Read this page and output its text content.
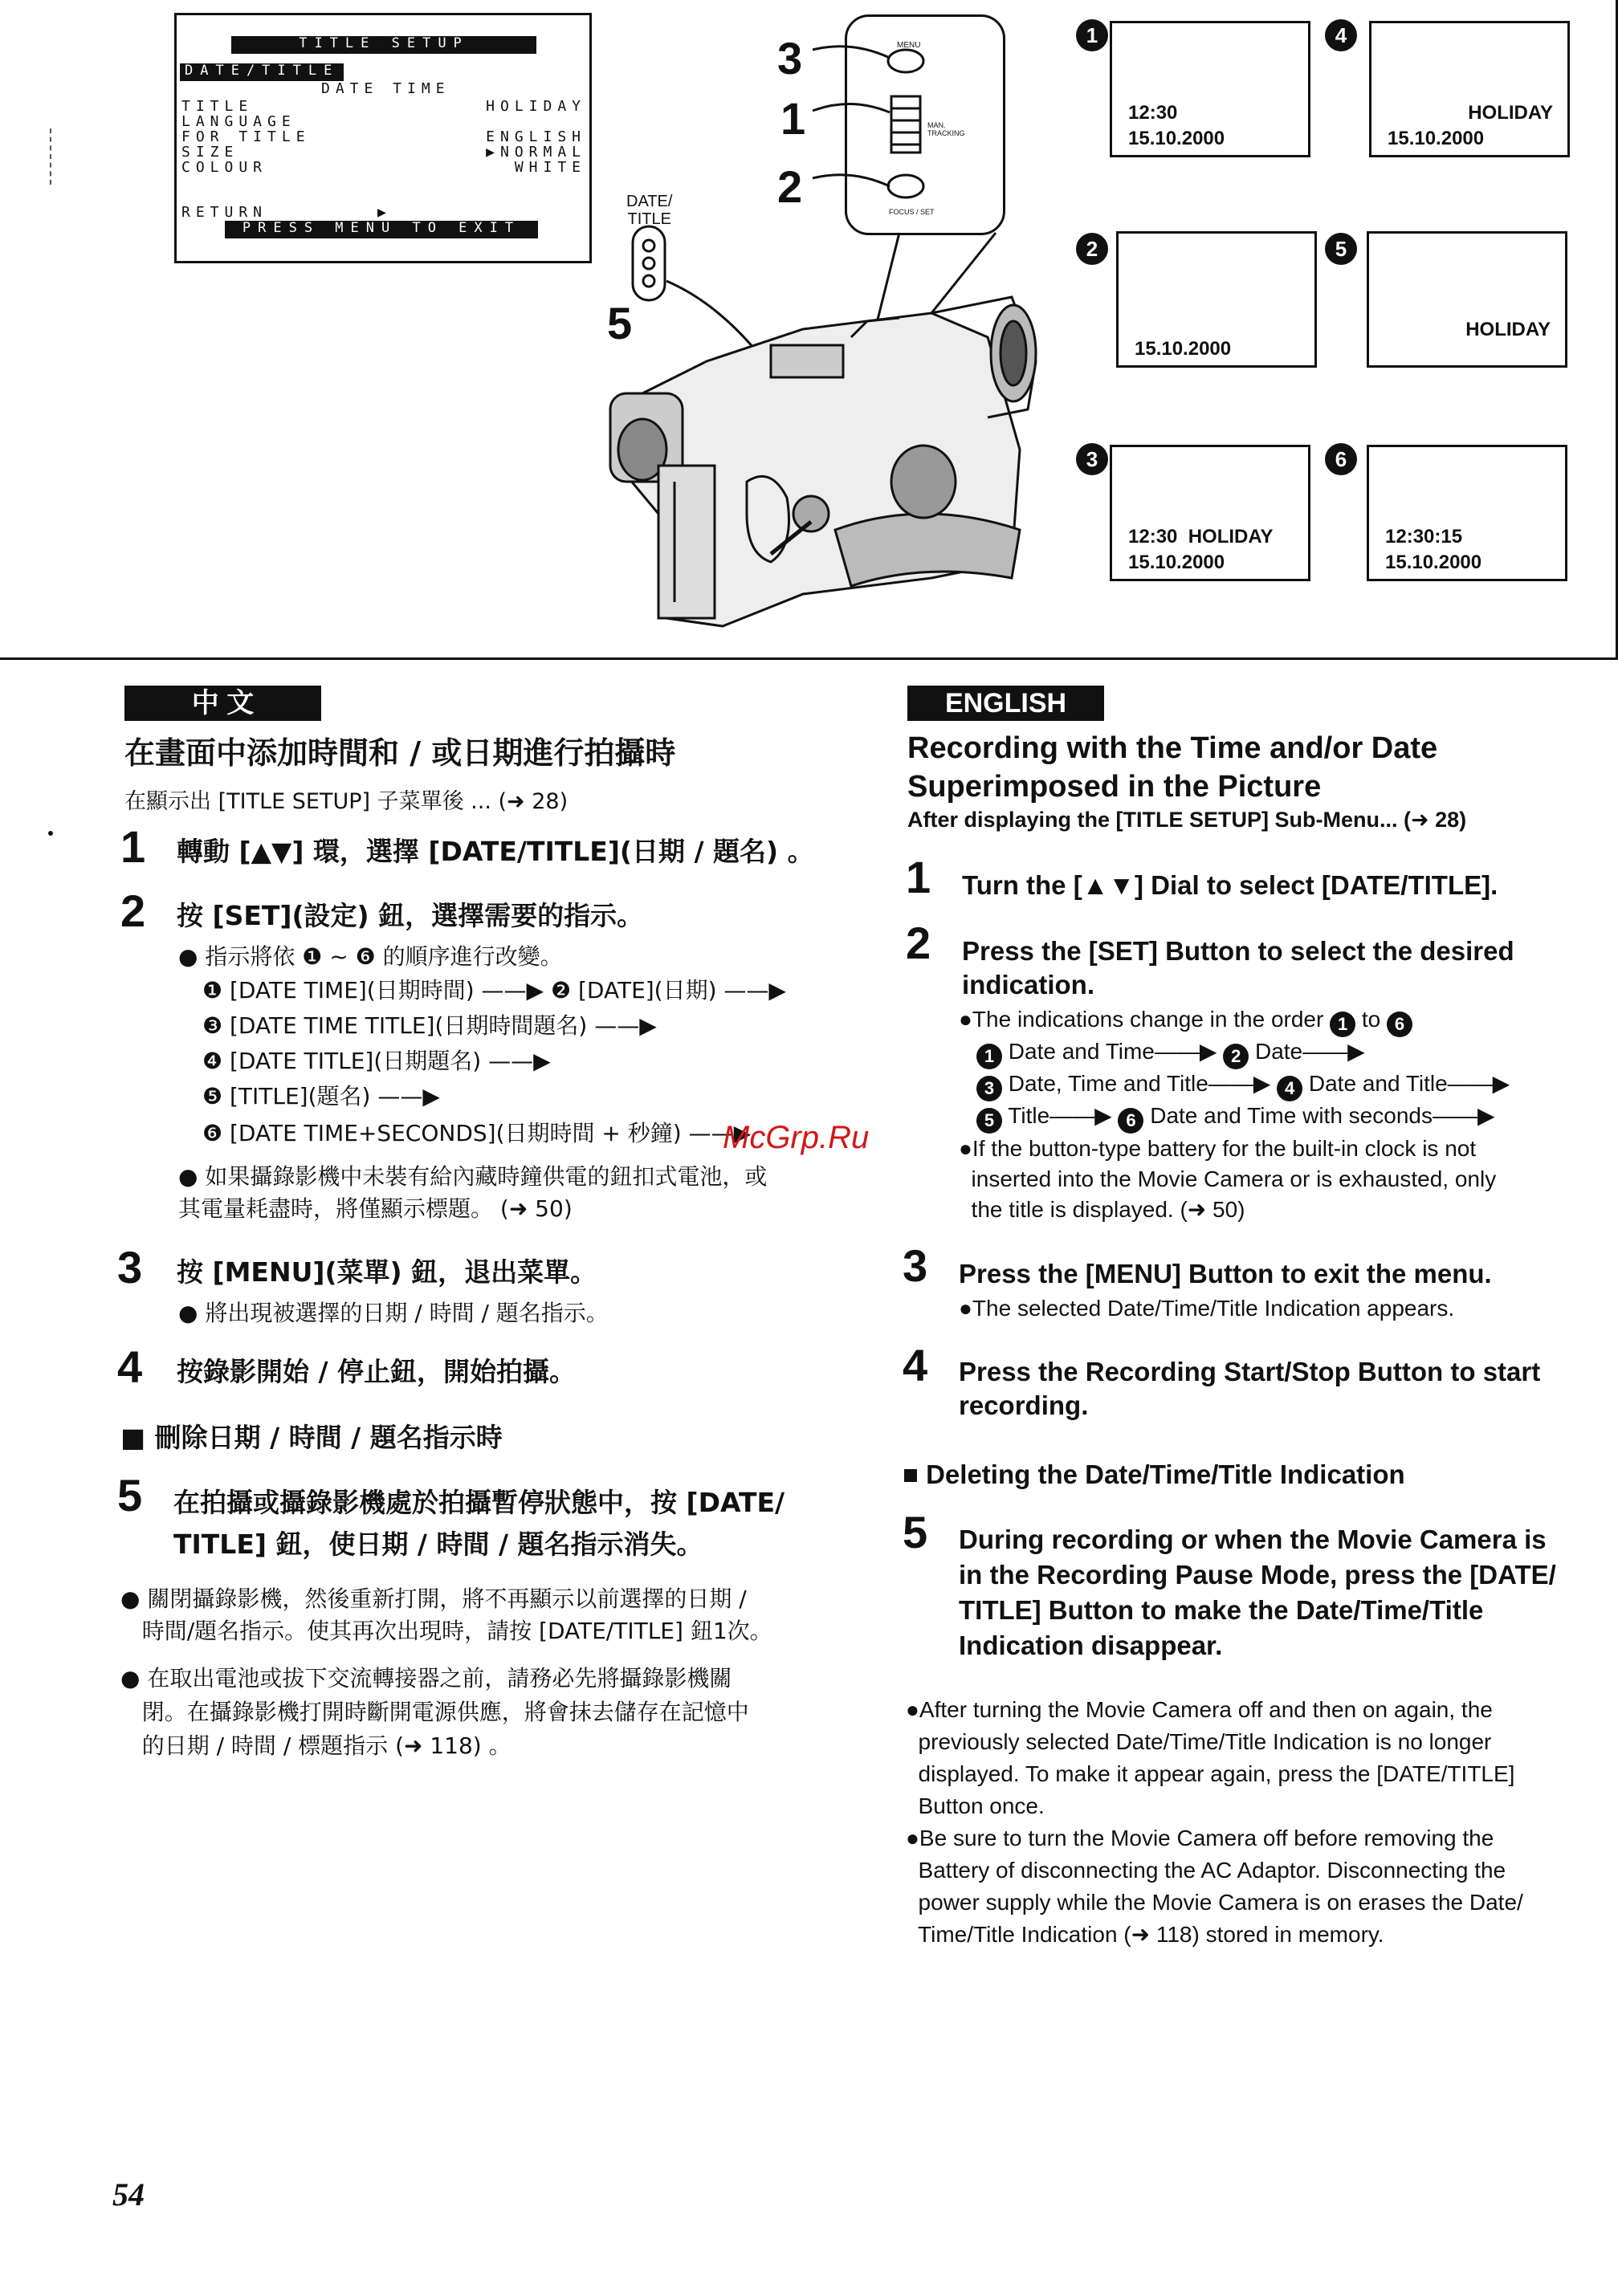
TITLE SETUP
DATE/TITLE
DATE TIME
TITLE
LANGUAGE
FOR TITLE
SIZE
COLOUR
HOLIDAY

ENGLISH
▶NORMAL
WHITE
RETURN	▶
PRESS MENU TO EXIT
3
1
2
5
DATE/
TITLE
MENU
MAN. TRACKING
FOCUS / SET
1
12:30
15.10.2000
4
HOLIDAY
15.10.2000
2
15.10.2000
5
HOLIDAY
3
12:30  HOLIDAY
15.10.2000
6
12:30:15
15.10.2000
中 文
在畫面中添加時間和 / 或日期進行拍攝時
在顯示出 [TITLE SETUP] 子菜單後 ... (➜ 28)
1 轉動 [▲▼] 環，選擇 [DATE/TITLE](日期 / 題名) 。
2 按 [SET](設定) 鈕，選擇需要的指示。
● 指示將依 ❶ ~ ❻ 的順序進行改變。
❶ [DATE TIME](日期時間) ——▶ ❷ [DATE](日期) ——▶
❸ [DATE TIME TITLE](日期時間題名) ——▶
❹ [DATE TITLE](日期題名) ——▶
❺ [TITLE](題名) ——▶
❻ [DATE TIME+SECONDS](日期時間 + 秒鐘) ——▶
● 如果攝錄影機中未裝有給內藏時鐘供電的鈕扣式電池，或
其電量耗盡時，將僅顯示標題。 (➜ 50)
3 按 [MENU](菜單) 鈕，退出菜單。
● 將出現被選擇的日期 / 時間 / 題名指示。
4 按錄影開始 / 停止鈕，開始拍攝。
■ 刪除日期 / 時間 / 題名指示時
5 在拍攝或攝錄影機處於拍攝暫停狀態中，按 [DATE/
TITLE] 鈕，使日期 / 時間 / 題名指示消失。
● 關閉攝錄影機，然後重新打開，將不再顯示以前選擇的日期 /
時間/題名指示。使其再次出現時，請按 [DATE/TITLE] 鈕1次。
● 在取出電池或拔下交流轉接器之前，請務必先將攝錄影機關
閉。在攝錄影機打開時斷開電源供應，將會抹去儲存在記憶中
的日期 / 時間 / 標題指示 (➜ 118) 。
ENGLISH
Recording with the Time and/or Date
Superimposed in the Picture
After displaying the [TITLE SETUP] Sub-Menu... (➜ 28)
1 Turn the [▲▼] Dial to select [DATE/TITLE].
2 Press the [SET] Button to select the desired
indication.
●The indications change in the order 1 to 6
1 Date and Time——▶ 2 Date——▶
3 Date, Time and Title——▶ 4 Date and Title——▶
5 Title——▶ 6 Date and Time with seconds——▶
●If the button-type battery for the built-in clock is not
inserted into the Movie Camera or is exhausted, only
the title is displayed. (➜ 50)
3 Press the [MENU] Button to exit the menu.
●The selected Date/Time/Title Indication appears.
4 Press the Recording Start/Stop Button to start
recording.
■ Deleting the Date/Time/Title Indication
5 During recording or when the Movie Camera is
in the Recording Pause Mode, press the [DATE/
TITLE] Button to make the Date/Time/Title
Indication disappear.
●After turning the Movie Camera off and then on again, the
previously selected Date/Time/Title Indication is no longer
displayed. To make it appear again, press the [DATE/TITLE]
Button once.
●Be sure to turn the Movie Camera off before removing the
Battery of disconnecting the AC Adaptor. Disconnecting the
power supply while the Movie Camera is on erases the Date/
Time/Title Indication (➜ 118) stored in memory.
McGrp.Ru
54
